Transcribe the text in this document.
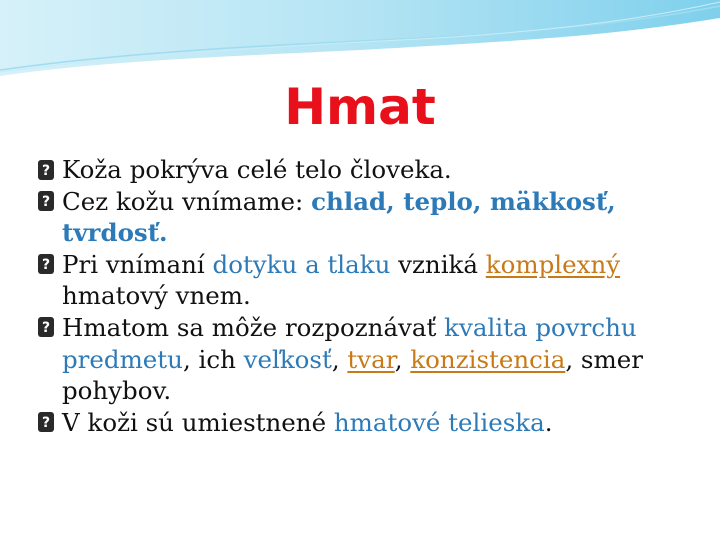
Hmat

? Koža pokrýva celé telo človeka.

? Cez kožu vnímame: chlad, teplo, mäkkosť, tvrdosť.

? Pri vnímaní dotyku a tlaku vzniká komplexný hmatový vnem.

? Hmatom sa môže rozpoznávať kvalita povrchu predmetu, ich veľkosť, tvar, konzistencia, smer pohybov.

? V koži sú umiestnené hmatové telieska.
